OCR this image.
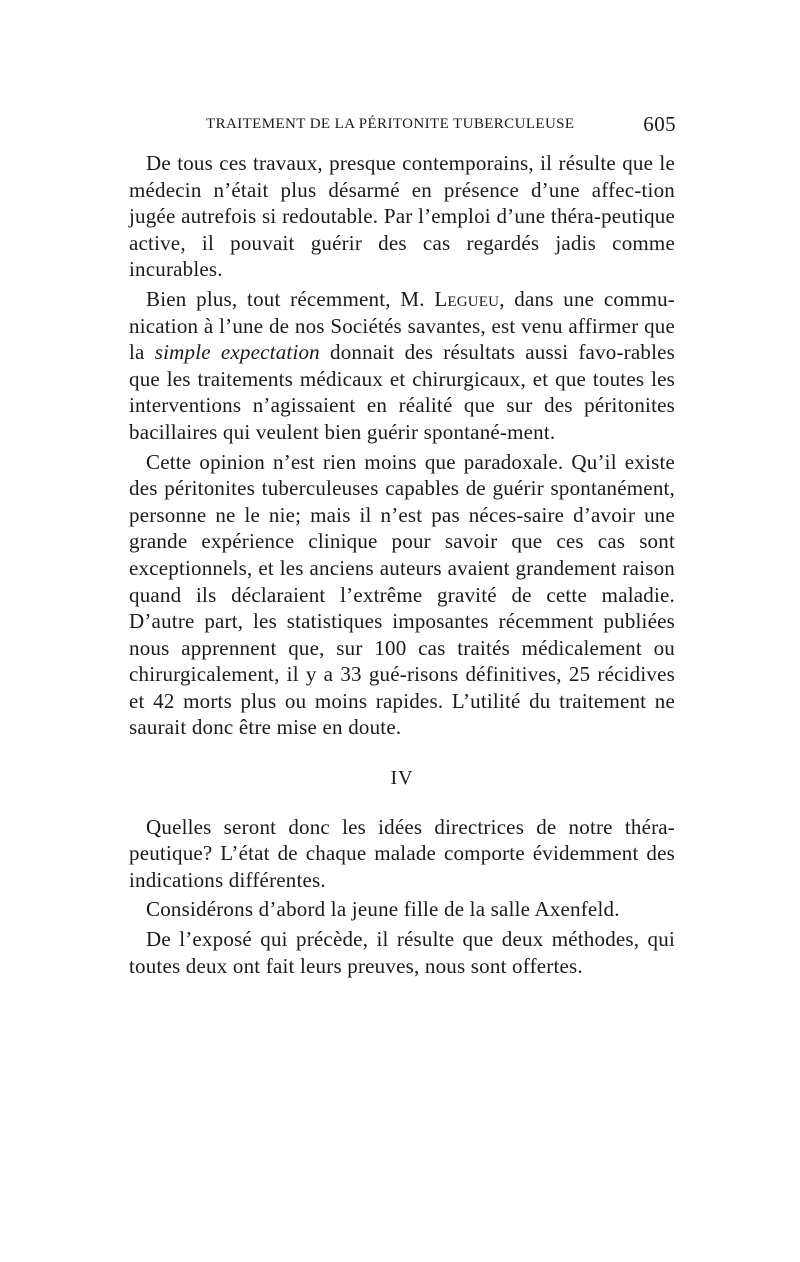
TRAITEMENT DE LA PÉRITONITE TUBERCULEUSE	605

De tous ces travaux, presque contemporains, il résulte que le médecin n’était plus désarmé en présence d’une affec-tion jugée autrefois si redoutable. Par l’emploi d’une théra-peutique active, il pouvait guérir des cas regardés jadis comme incurables.

Bien plus, tout récemment, M. Legueu, dans une commu-nication à l’une de nos Sociétés savantes, est venu affirmer que la simple expectation donnait des résultats aussi favo-rables que les traitements médicaux et chirurgicaux, et que toutes les interventions n’agissaient en réalité que sur des péritonites bacillaires qui veulent bien guérir spontané-ment.

Cette opinion n’est rien moins que paradoxale. Qu’il existe des péritonites tuberculeuses capables de guérir spontanément, personne ne le nie; mais il n’est pas néces-saire d’avoir une grande expérience clinique pour savoir que ces cas sont exceptionnels, et les anciens auteurs avaient grandement raison quand ils déclaraient l’extrême gravité de cette maladie. D’autre part, les statistiques imposantes récemment publiées nous apprennent que, sur 100 cas traités médicalement ou chirurgicalement, il y a 33 gué-risons définitives, 25 récidives et 42 morts plus ou moins rapides. L’utilité du traitement ne saurait donc être mise en doute.

IV

Quelles seront donc les idées directrices de notre théra-peutique? L’état de chaque malade comporte évidemment des indications différentes.

Considérons d’abord la jeune fille de la salle Axenfeld.

De l’exposé qui précède, il résulte que deux méthodes, qui toutes deux ont fait leurs preuves, nous sont offertes.
